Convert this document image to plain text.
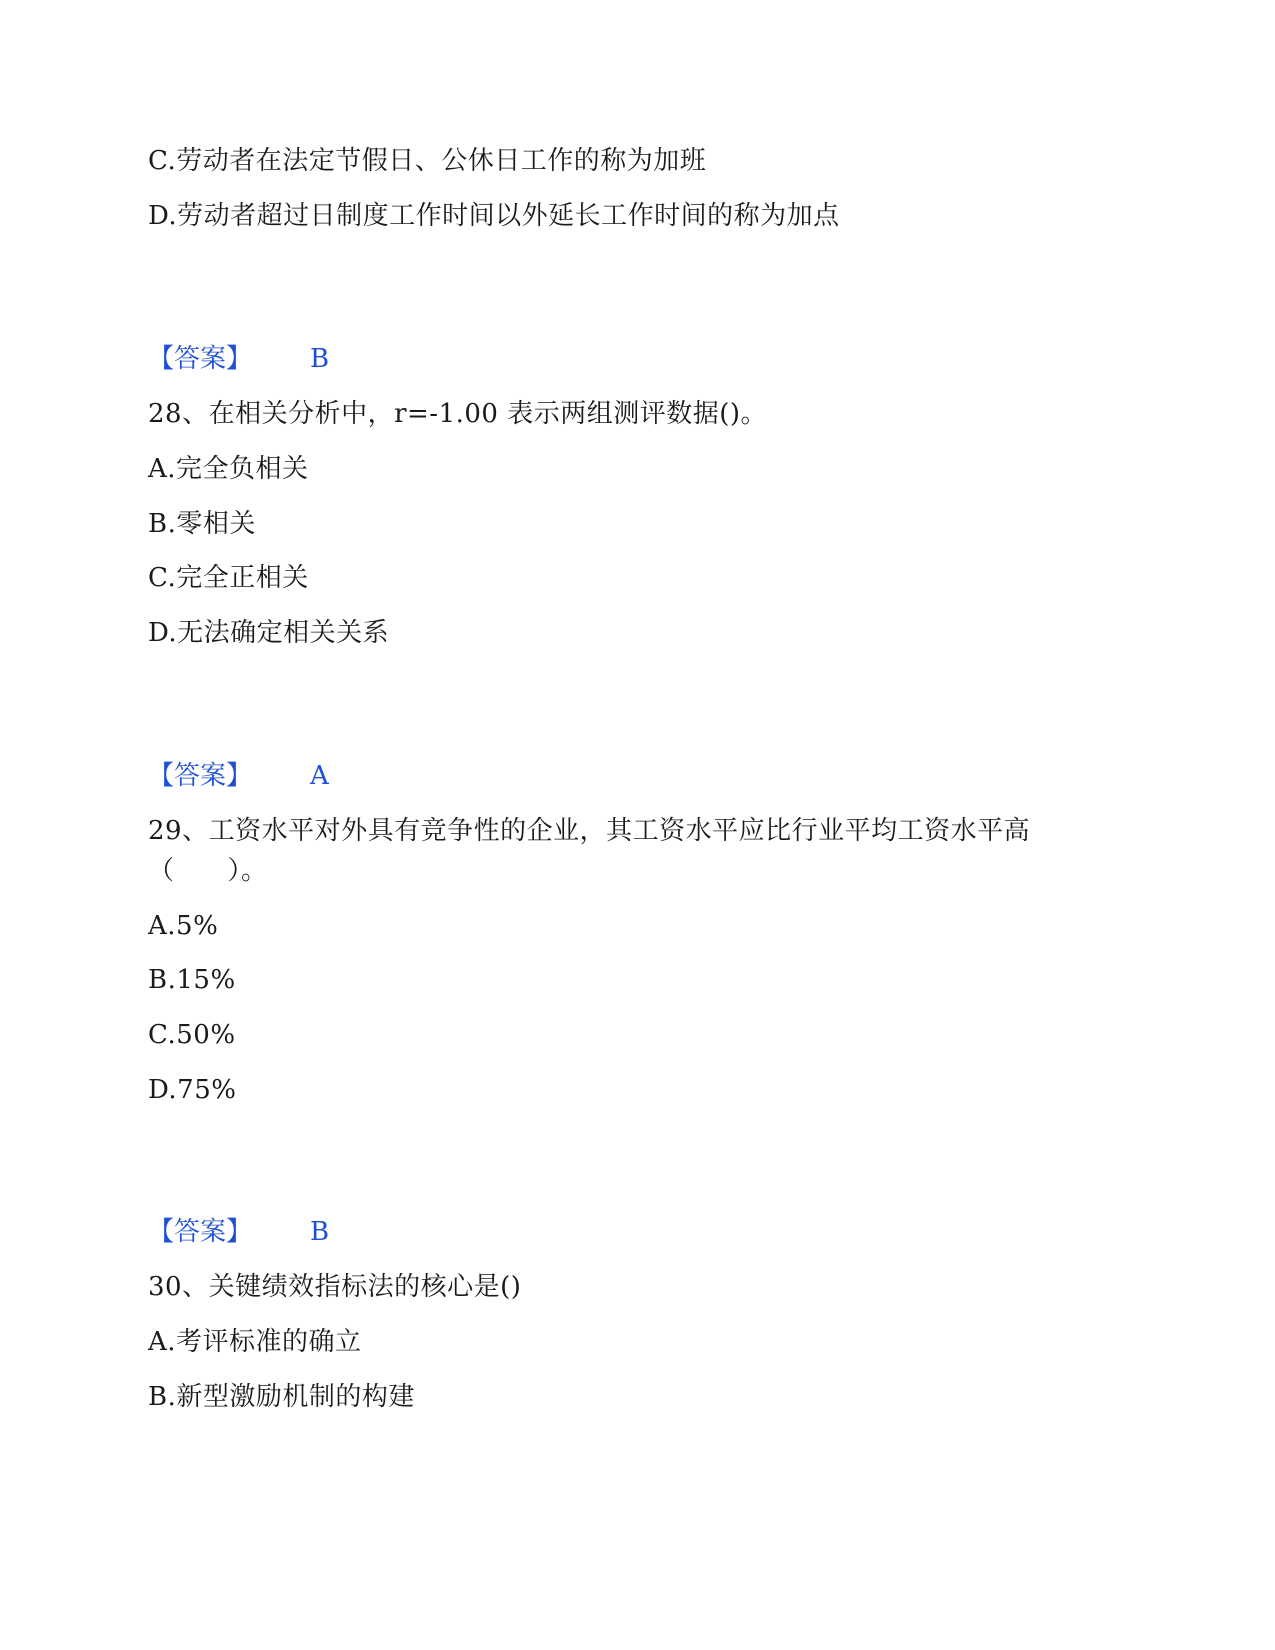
C.劳动者在法定节假日、公休日工作的称为加班
D.劳动者超过日制度工作时间以外延长工作时间的称为加点
【答案】 B
28、在相关分析中，r=-1.00 表示两组测评数据()。
A.完全负相关
B.零相关
C.完全正相关
D.无法确定相关关系
【答案】 A
29、工资水平对外具有竞争性的企业，其工资水平应比行业平均工资水平高
（　　）。
A.5%
B.15%
C.50%
D.75%
【答案】 B
30、关键绩效指标法的核心是()
A.考评标准的确立
B.新型激励机制的构建
